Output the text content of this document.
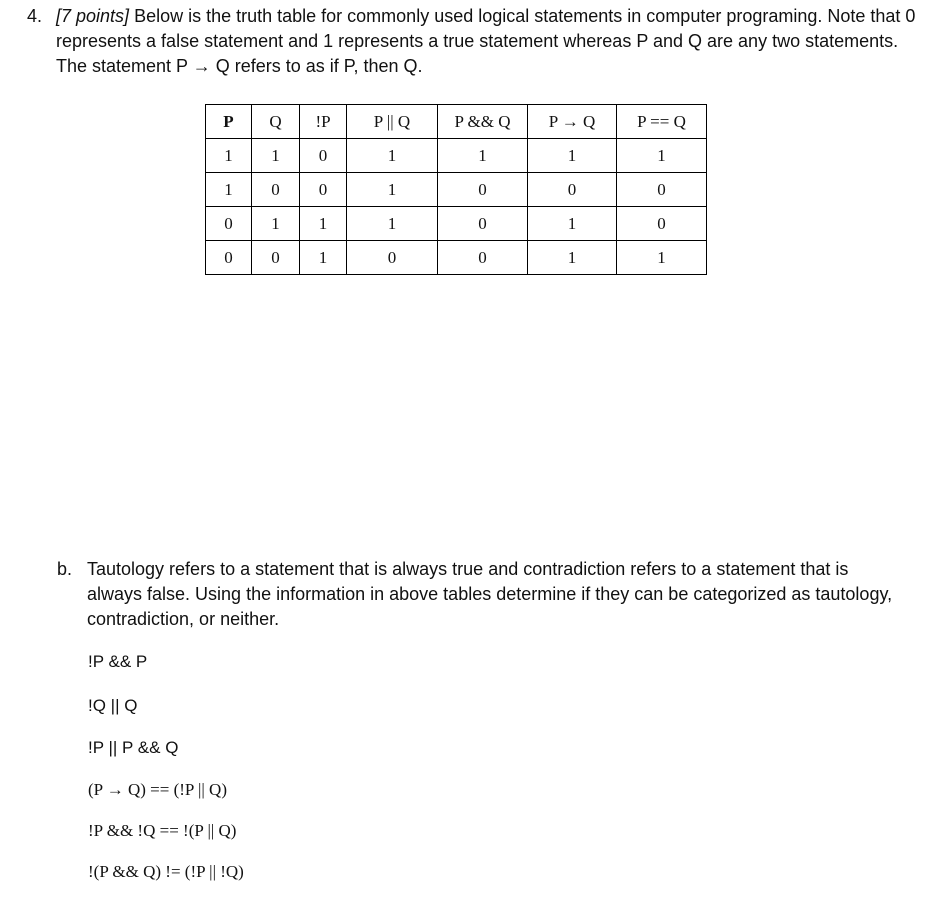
4. [7 points] Below is the truth table for commonly used logical statements in computer programing. Note that 0 represents a false statement and 1 represents a true statement whereas P and Q are any two statements. The statement P → Q refers to as if P, then Q.
P	Q	!P	P || Q	P && Q	P → Q	P == Q
1	1	0	1	1	1	1
1	0	0	1	0	0	0
0	1	1	1	0	1	0
0	0	1	0	0	1	1
b. Tautology refers to a statement that is always true and contradiction refers to a statement that is always false. Using the information in above tables determine if they can be categorized as tautology, contradiction, or neither.
!P && P
!Q || Q
!P || P && Q
(P → Q) == (!P || Q)
!P && !Q == !(P || Q)
!(P && Q) != (!P || !Q)
